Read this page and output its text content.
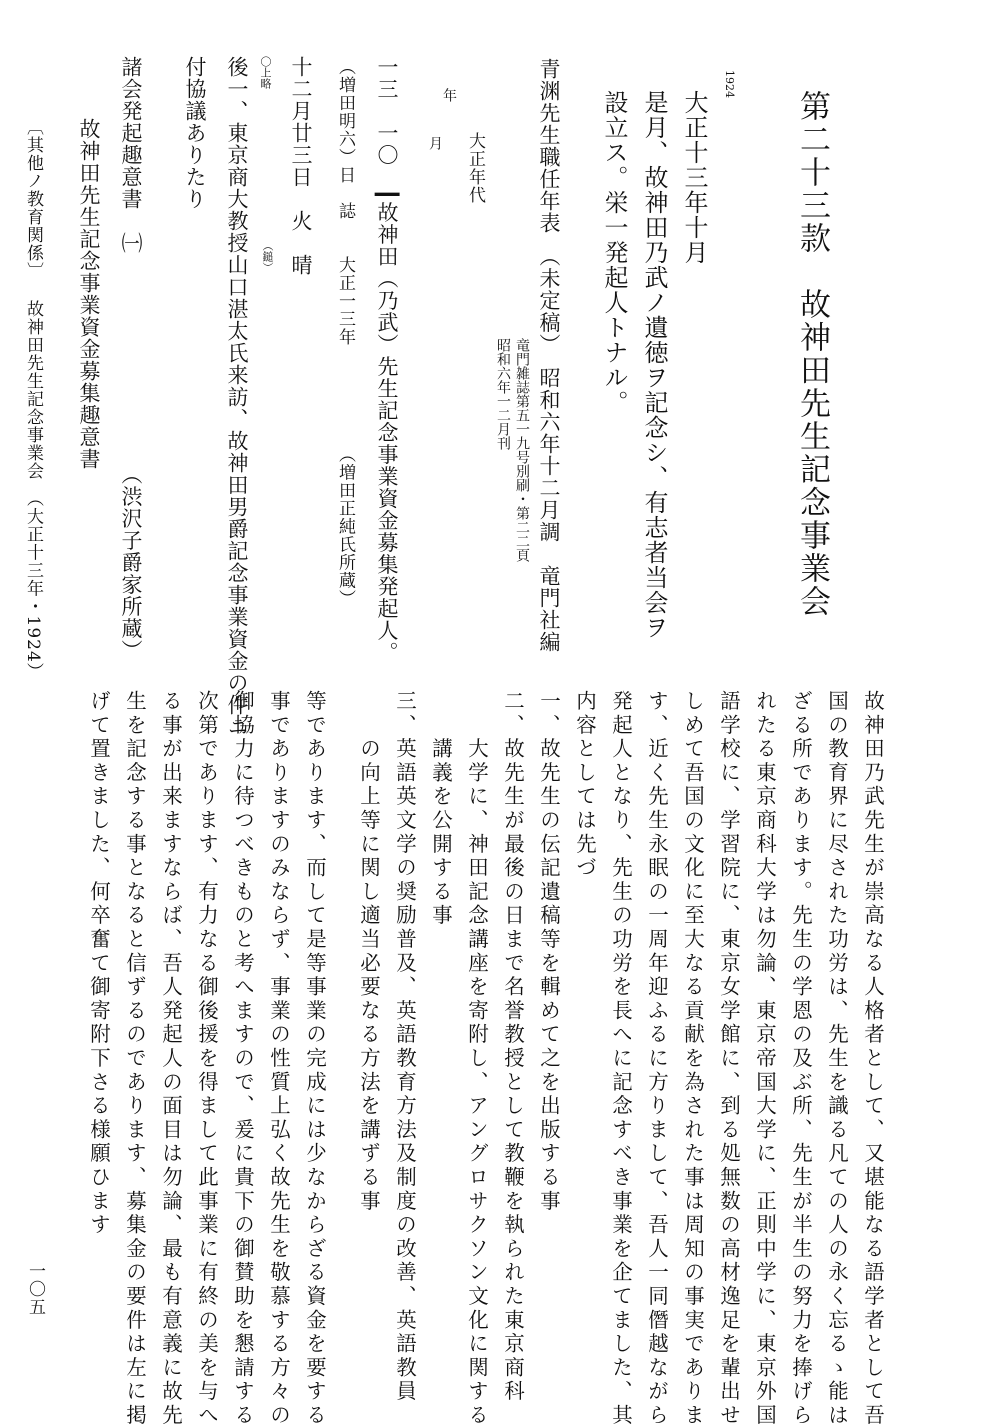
第二十三款　故神田先生記念事業会
1924
大正十三年十月
是月、故神田乃武ノ遺徳ヲ記念シ、有志者当会ヲ
設立ス。栄一発起人トナル。
青渊先生職任年表　（未定稿）　昭和六年十二月調　竜門社編
竜門雑誌第五一九号別刷・第二二頁
昭和六年一二月刊
大正年代
年
月
一三　一〇　┃故神田（乃武）先生記念事業資金募集発起人。
（増田明六）日　誌　　大正一三年　　　　　　（増田正純氏所蔵）
十二月廿三日　火　晴
〇上略
（鎚）
後一、東京商大教授山口湛太氏来訪、故神田男爵記念事業資金の件ニ
付協議ありたり
諸会発起趣意書　㈠　　　　　　　　　　（渋沢子爵家所蔵）
故神田先生記念事業資金募集趣意書
〔其他ノ教育関係〕
故神田先生記念事業会　（大正十三年・1924）
故神田乃武先生が崇高なる人格者として、又堪能なる語学者として吾
国の教育界に尽された功労は、先生を識る凡ての人の永く忘るゝ能は
ざる所であります。先生の学恩の及ぶ所、先生が半生の努力を捧げら
れたる東京商科大学は勿論、東京帝国大学に、正則中学に、東京外国
語学校に、学習院に、東京女学館に、到る処無数の高材逸足を輩出せ
しめて吾国の文化に至大なる貢献を為された事は周知の事実でありま
す、近く先生永眠の一周年迎ふるに方りまして、吾人一同僭越ながら
発起人となり、先生の功労を長へに記念すべき事業を企てました、其
内容としては先づ
一、故先生の伝記遺稿等を輯めて之を出版する事
二、故先生が最後の日まで名誉教授として教鞭を執られた東京商科
　　大学に、神田記念講座を寄附し、アングロサクソン文化に関する
　　講義を公開する事
三、英語英文学の奨励普及、英語教育方法及制度の改善、英語教員
　　の向上等に関し適当必要なる方法を講ずる事
等であります、而して是等事業の完成には少なからざる資金を要する
事でありますのみならず、事業の性質上弘く故先生を敬慕する方々の
御協力に待つべきものと考へますので、爰に貴下の御賛助を懇請する
次第であります、有力なる御後援を得まして此事業に有終の美を与へ
る事が出来ますならば、吾人発起人の面目は勿論、最も有意義に故先
生を記念する事となると信ずるのであります、募集金の要件は左に掲
げて置きました、何卒奮て御寄附下さる様願ひます
一〇五
